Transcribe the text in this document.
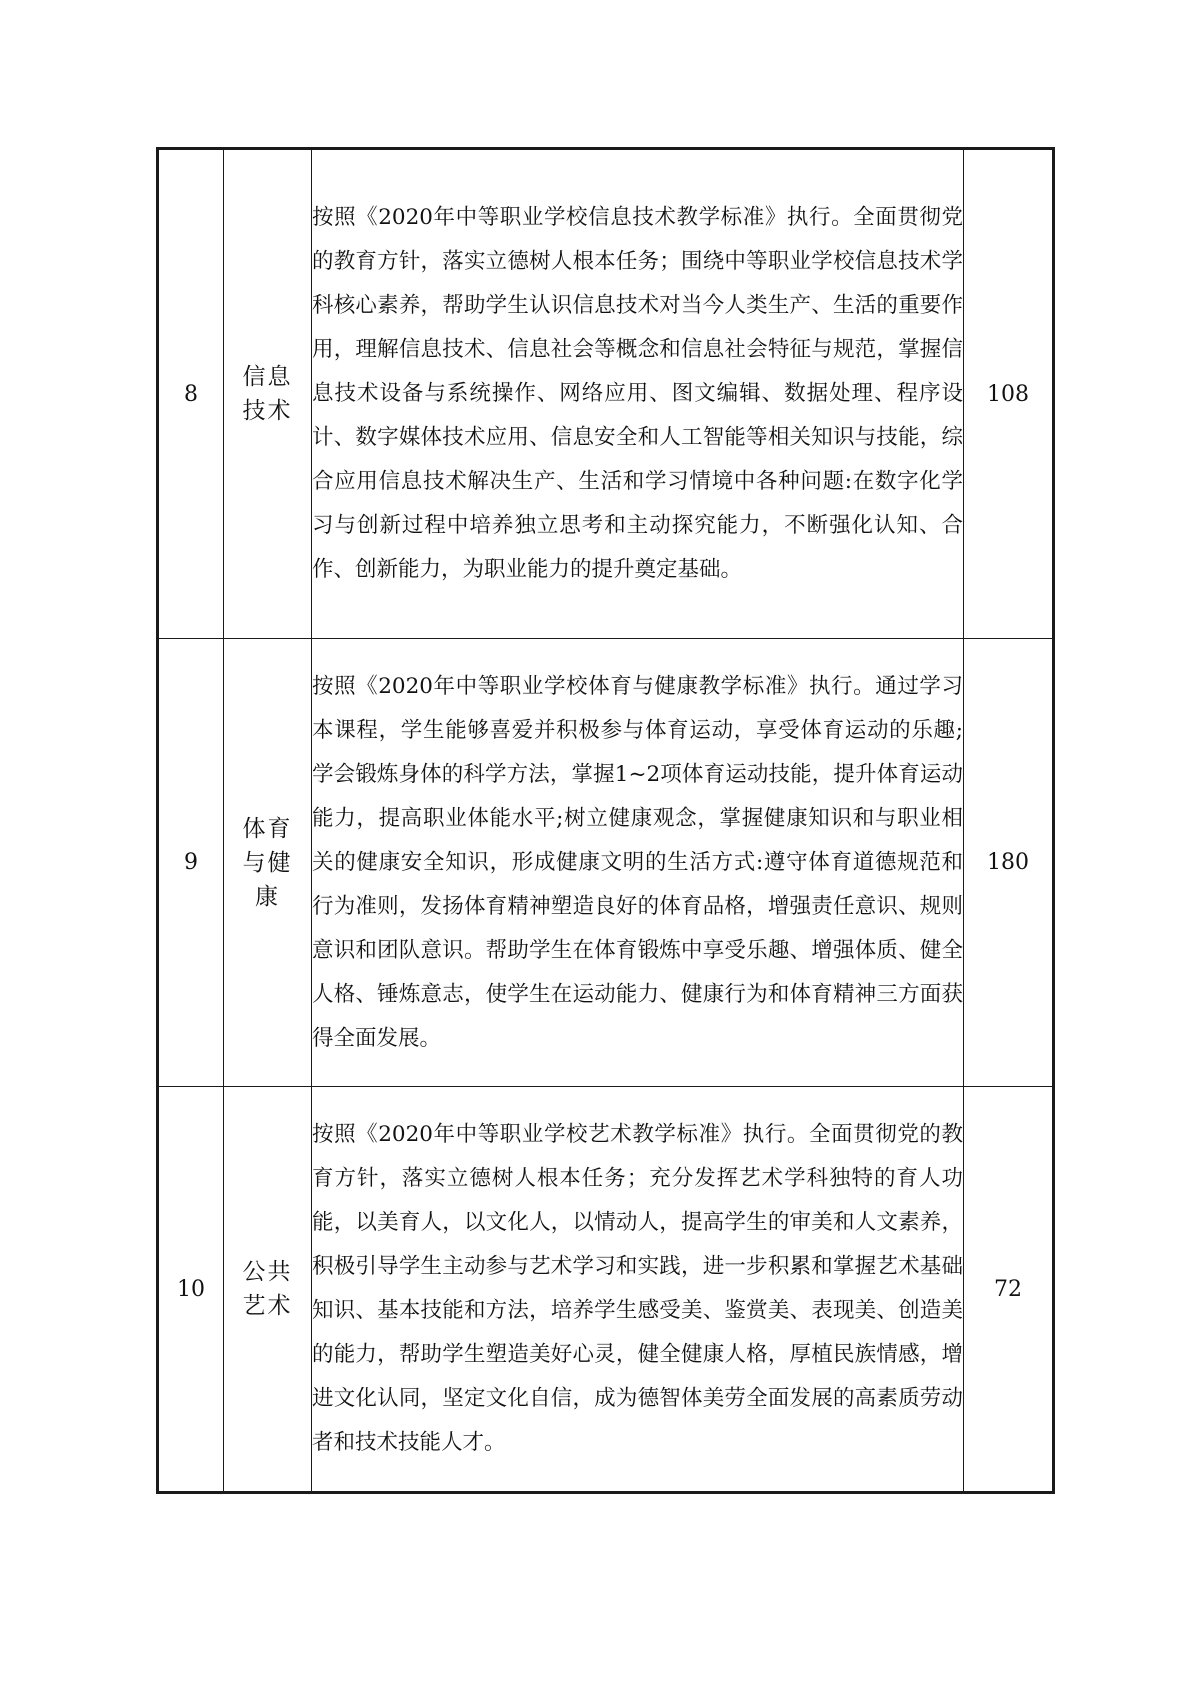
8	信息技术	按照《2020年中等职业学校信息技术教学标准》执行。全面贯彻党的教育方针，落实立德树人根本任务；围绕中等职业学校信息技术学科核心素养，帮助学生认识信息技术对当今人类生产、生活的重要作用，理解信息技术、信息社会等概念和信息社会特征与规范，掌握信息技术设备与系统操作、网络应用、图文编辑、数据处理、程序设计、数字媒体技术应用、信息安全和人工智能等相关知识与技能，综合应用信息技术解决生产、生活和学习情境中各种问题:在数字化学习与创新过程中培养独立思考和主动探究能力，不断强化认知、合作、创新能力，为职业能力的提升奠定基础。	108
9	体育与健康	按照《2020年中等职业学校体育与健康教学标准》执行。通过学习本课程，学生能够喜爱并积极参与体育运动，享受体育运动的乐趣;学会锻炼身体的科学方法，掌握1~2项体育运动技能，提升体育运动能力，提高职业体能水平;树立健康观念，掌握健康知识和与职业相关的健康安全知识，形成健康文明的生活方式:遵守体育道德规范和行为准则，发扬体育精神塑造良好的体育品格，增强责任意识、规则意识和团队意识。帮助学生在体育锻炼中享受乐趣、增强体质、健全人格、锤炼意志，使学生在运动能力、健康行为和体育精神三方面获得全面发展。	180
10	公共艺术	按照《2020年中等职业学校艺术教学标准》执行。全面贯彻党的教育方针，落实立德树人根本任务；充分发挥艺术学科独特的育人功能，以美育人，以文化人，以情动人，提高学生的审美和人文素养，积极引导学生主动参与艺术学习和实践，进一步积累和掌握艺术基础知识、基本技能和方法，培养学生感受美、鉴赏美、表现美、创造美的能力，帮助学生塑造美好心灵，健全健康人格，厚植民族情感，增进文化认同，坚定文化自信，成为德智体美劳全面发展的高素质劳动者和技术技能人才。	72
